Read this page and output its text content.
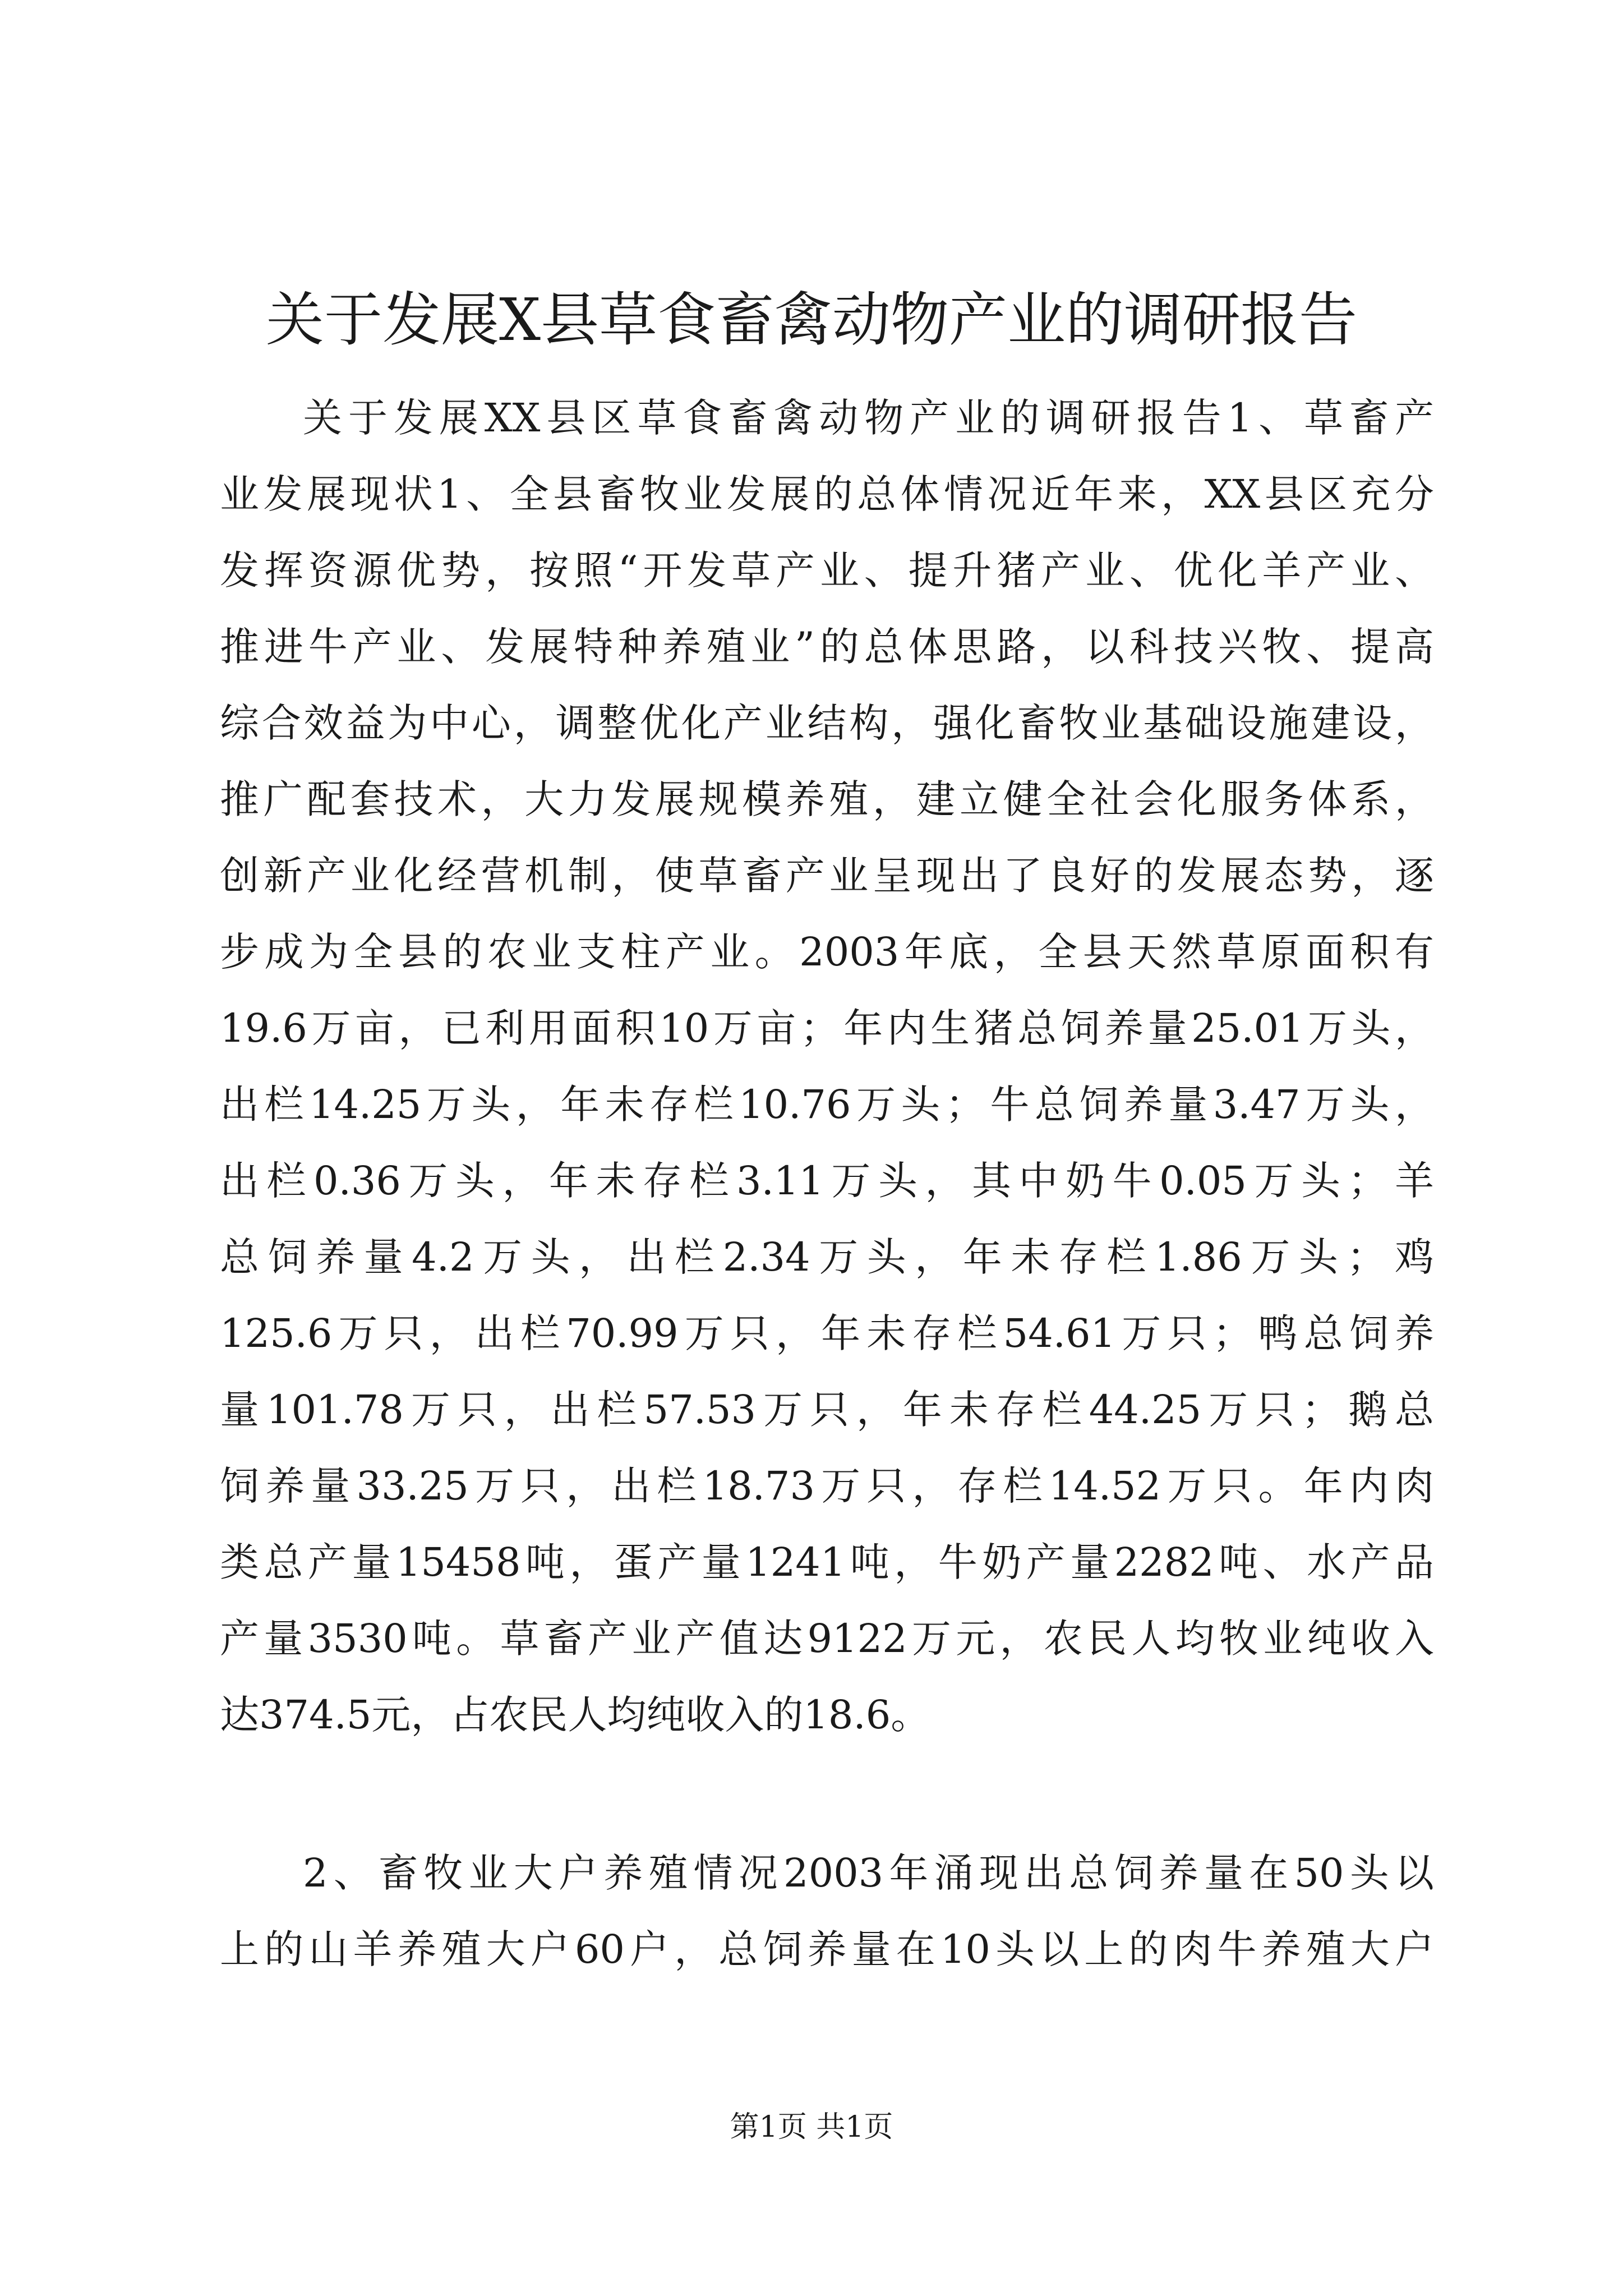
关于发展X县草食畜禽动物产业的调研报告
关于发展XX县区草食畜禽动物产业的调研报告1、草畜产
业发展现状1、全县畜牧业发展的总体情况近年来，XX县区充分
发挥资源优势，按照“开发草产业、提升猪产业、优化羊产业、
推进牛产业、发展特种养殖业”的总体思路，以科技兴牧、提高
综合效益为中心，调整优化产业结构，强化畜牧业基础设施建设，
推广配套技术，大力发展规模养殖，建立健全社会化服务体系，
创新产业化经营机制，使草畜产业呈现出了良好的发展态势，逐
步成为全县的农业支柱产业。2003年底，全县天然草原面积有
19.6万亩，已利用面积10万亩；年内生猪总饲养量25.01万头，
出栏14.25万头，年未存栏10.76万头；牛总饲养量3.47万头，
出栏0.36万头，年未存栏3.11万头，其中奶牛0.05万头；羊
总饲养量4.2万头，出栏2.34万头，年未存栏1.86万头；鸡
125.6万只，出栏70.99万只，年未存栏54.61万只；鸭总饲养
量101.78万只，出栏57.53万只，年未存栏44.25万只；鹅总
饲养量33.25万只，出栏18.73万只，存栏14.52万只。年内肉
类总产量15458吨，蛋产量1241吨，牛奶产量2282吨、水产品
产量3530吨。草畜产业产值达9122万元，农民人均牧业纯收入
达374.5元，占农民人均纯收入的18.6。
2、畜牧业大户养殖情况2003年涌现出总饲养量在50头以
上的山羊养殖大户60户，总饲养量在10头以上的肉牛养殖大户
第1页 共1页
